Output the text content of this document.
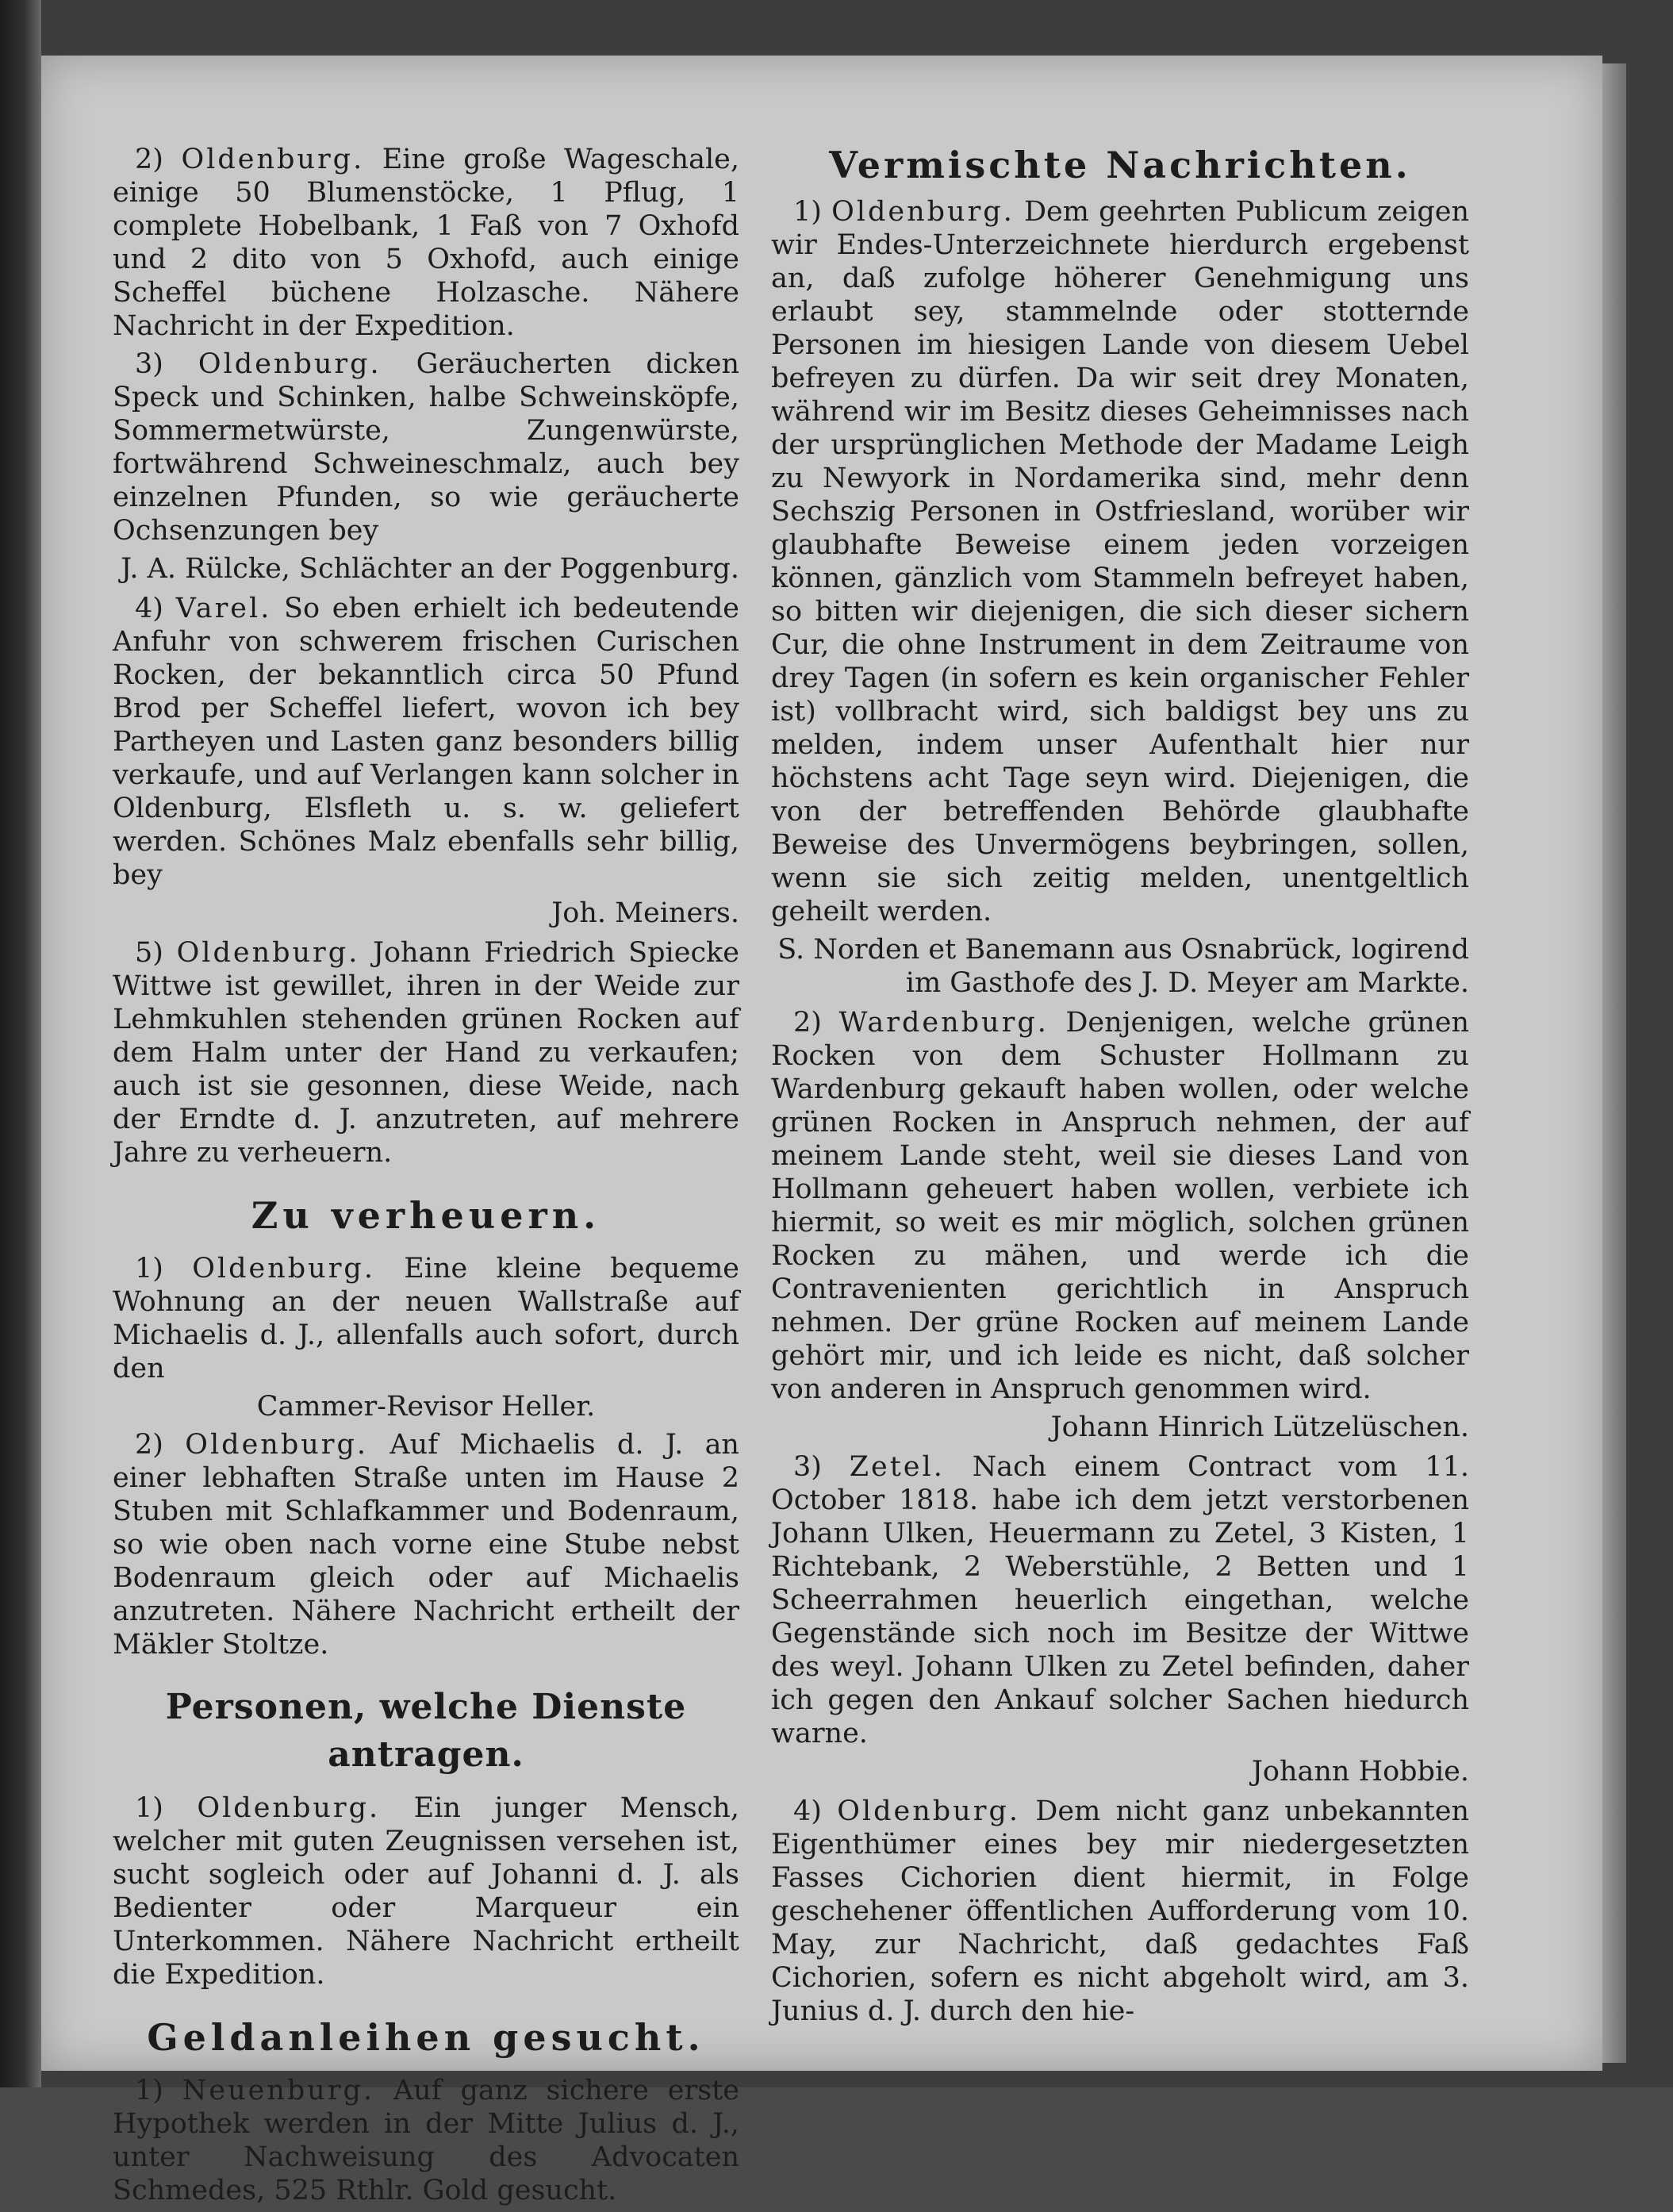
2) Oldenburg. Eine große Wageschale, einige 50 Blumenstöcke, 1 Pflug, 1 complete Hobelbank, 1 Faß von 7 Oxhofd und 2 dito von 5 Oxhofd, auch einige Scheffel büchene Holzasche. Nähere Nachricht in der Expedition.

3) Oldenburg. Geräucherten dicken Speck und Schinken, halbe Schweinsköpfe, Sommermetwürste, Zungenwürste, fortwährend Schweineschmalz, auch bey einzelnen Pfunden, so wie geräucherte Ochsenzungen bey

J. A. Rülcke, Schlächter an der Poggenburg.

4) Varel. So eben erhielt ich bedeutende Anfuhr von schwerem frischen Curischen Rocken, der bekanntlich circa 50 Pfund Brod per Scheffel liefert, wovon ich bey Partheyen und Lasten ganz besonders billig verkaufe, und auf Verlangen kann solcher in Oldenburg, Elsfleth u. s. w. geliefert werden. Schönes Malz ebenfalls sehr billig, bey

Joh. Meiners.

5) Oldenburg. Johann Friedrich Spiecke Wittwe ist gewillet, ihren in der Weide zur Lehmkuhlen stehenden grünen Rocken auf dem Halm unter der Hand zu verkaufen; auch ist sie gesonnen, diese Weide, nach der Erndte d. J. anzutreten, auf mehrere Jahre zu verheuern.

Zu verheuern.

1) Oldenburg. Eine kleine bequeme Wohnung an der neuen Wallstraße auf Michaelis d. J., allenfalls auch sofort, durch den

Cammer-Revisor Heller.

2) Oldenburg. Auf Michaelis d. J. an einer lebhaften Straße unten im Hause 2 Stuben mit Schlafkammer und Bodenraum, so wie oben nach vorne eine Stube nebst Bodenraum gleich oder auf Michaelis anzutreten. Nähere Nachricht ertheilt der Mäkler Stoltze.

Personen, welche Dienste antragen.

1) Oldenburg. Ein junger Mensch, welcher mit guten Zeugnissen versehen ist, sucht sogleich oder auf Johanni d. J. als Bedienter oder Marqueur ein Unterkommen. Nähere Nachricht ertheilt die Expedition.

Geldanleihen gesucht.

1) Neuenburg. Auf ganz sichere erste Hypothek werden in der Mitte Julius d. J., unter Nachweisung des Advocaten Schmedes, 525 Rthlr. Gold gesucht.

Vermischte Nachrichten.

1) Oldenburg. Dem geehrten Publicum zeigen wir Endes-Unterzeichnete hierdurch ergebenst an, daß zufolge höherer Genehmigung uns erlaubt sey, stammelnde oder stotternde Personen im hiesigen Lande von diesem Uebel befreyen zu dürfen. Da wir seit drey Monaten, während wir im Besitz dieses Geheimnisses nach der ursprünglichen Methode der Madame Leigh zu Newyork in Nordamerika sind, mehr denn Sechszig Personen in Ostfriesland, worüber wir glaubhafte Beweise einem jeden vorzeigen können, gänzlich vom Stammeln befreyet haben, so bitten wir diejenigen, die sich dieser sichern Cur, die ohne Instrument in dem Zeitraume von drey Tagen (in sofern es kein organischer Fehler ist) vollbracht wird, sich baldigst bey uns zu melden, indem unser Aufenthalt hier nur höchstens acht Tage seyn wird. Diejenigen, die von der betreffenden Behörde glaubhafte Beweise des Unvermögens beybringen, sollen, wenn sie sich zeitig melden, unentgeltlich geheilt werden.

S. Norden et Banemann aus Osnabrück, logirend im Gasthofe des J. D. Meyer am Markte.

2) Wardenburg. Denjenigen, welche grünen Rocken von dem Schuster Hollmann zu Wardenburg gekauft haben wollen, oder welche grünen Rocken in Anspruch nehmen, der auf meinem Lande steht, weil sie dieses Land von Hollmann geheuert haben wollen, verbiete ich hiermit, so weit es mir möglich, solchen grünen Rocken zu mähen, und werde ich die Contravenienten gerichtlich in Anspruch nehmen. Der grüne Rocken auf meinem Lande gehört mir, und ich leide es nicht, daß solcher von anderen in Anspruch genommen wird.

Johann Hinrich Lützelüschen.

3) Zetel. Nach einem Contract vom 11. October 1818. habe ich dem jetzt verstorbenen Johann Ulken, Heuermann zu Zetel, 3 Kisten, 1 Richtebank, 2 Weberstühle, 2 Betten und 1 Scheerrahmen heuerlich eingethan, welche Gegenstände sich noch im Besitze der Wittwe des weyl. Johann Ulken zu Zetel befinden, daher ich gegen den Ankauf solcher Sachen hiedurch warne.

Johann Hobbie.

4) Oldenburg. Dem nicht ganz unbekannten Eigenthümer eines bey mir niedergesetzten Fasses Cichorien dient hiermit, in Folge geschehener öffentlichen Aufforderung vom 10. May, zur Nachricht, daß gedachtes Faß Cichorien, sofern es nicht abgeholt wird, am 3. Junius d. J. durch den hie-
